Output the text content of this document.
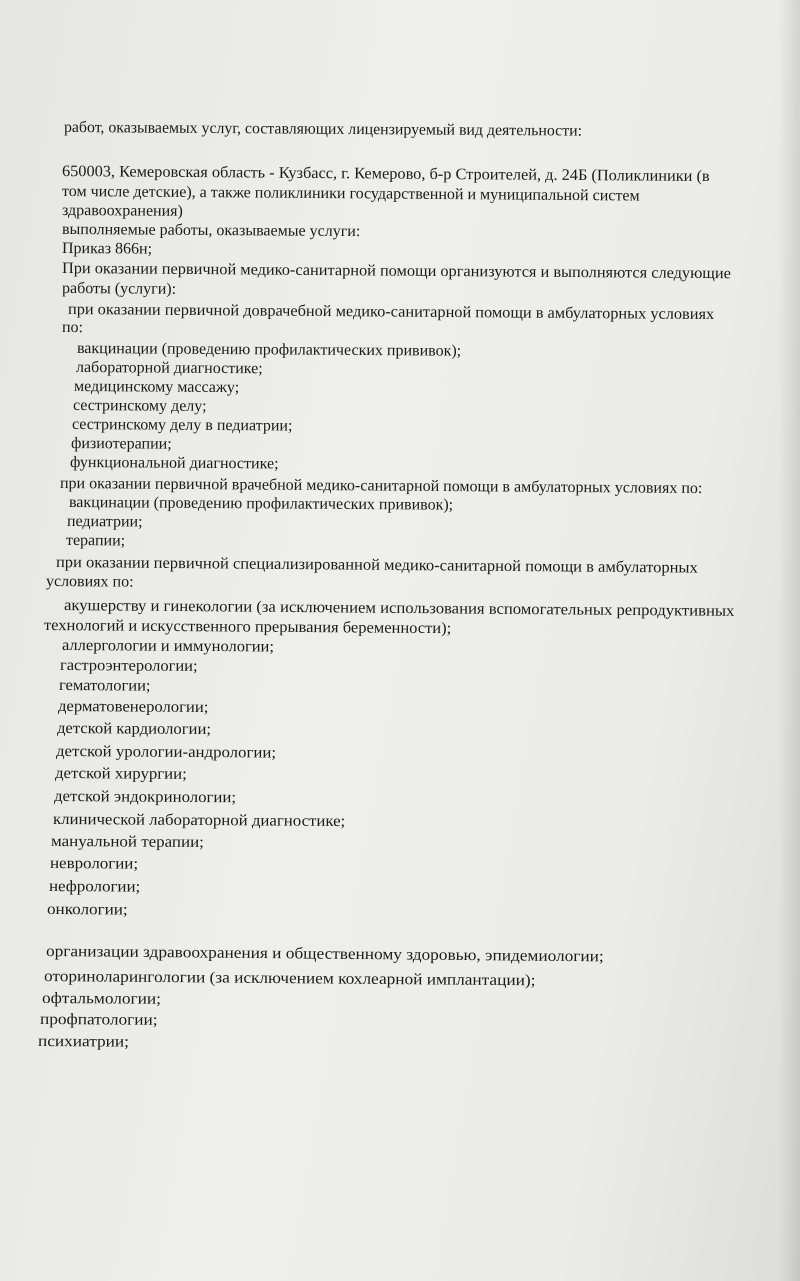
работ, оказываемых услуг, составляющих лицензируемый вид деятельности:
650003, Кемеровская область - Кузбасс, г. Кемерово, б-р Строителей, д. 24Б (Поликлиники (в
том числе детские), а также поликлиники государственной и муниципальной систем
здравоохранения)
выполняемые работы, оказываемые услуги:
Приказ 866н;
При оказании первичной медико-санитарной помощи организуются и выполняются следующие
работы (услуги):
при оказании первичной доврачебной медико-санитарной помощи в амбулаторных условиях
по:
вакцинации (проведению профилактических прививок);
лабораторной диагностике;
медицинскому массажу;
сестринскому делу;
сестринскому делу в педиатрии;
физиотерапии;
функциональной диагностике;
при оказании первичной врачебной медико-санитарной помощи в амбулаторных условиях по:
вакцинации (проведению профилактических прививок);
педиатрии;
терапии;
при оказании первичной специализированной медико-санитарной помощи в амбулаторных
условиях по:
акушерству и гинекологии (за исключением использования вспомогательных репродуктивных
технологий и искусственного прерывания беременности);
аллергологии и иммунологии;
гастроэнтерологии;
гематологии;
дерматовенерологии;
детской кардиологии;
детской урологии-андрологии;
детской хирургии;
детской эндокринологии;
клинической лабораторной диагностике;
мануальной терапии;
неврологии;
нефрологии;
онкологии;
организации здравоохранения и общественному здоровью, эпидемиологии;
оториноларингологии (за исключением кохлеарной имплантации);
офтальмологии;
профпатологии;
психиатрии;
